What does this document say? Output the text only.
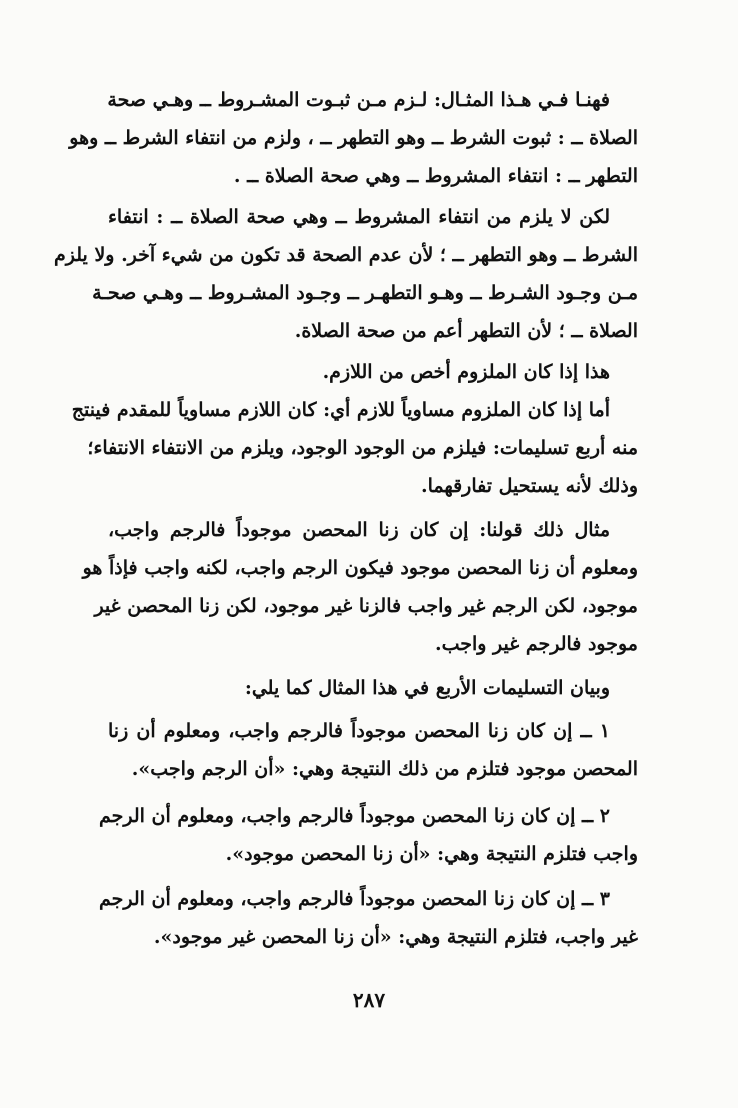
فهنـا فـي هـذا المثـال: لـزم مـن ثبـوت المشـروط ــ وهـي صحة
الصلاة ــ : ثبوت الشرط ــ وهو التطهر ــ ، ولزم من انتفاء الشرط ــ وهو
التطهر ــ : انتفاء المشروط ــ وهي صحة الصلاة ــ .
لكن لا يلزم من انتفاء المشروط ــ وهي صحة الصلاة ــ : انتفاء
الشرط ــ وهو التطهر ــ ؛ لأن عدم الصحة قد تكون من شيء آخر. ولا يلزم
مـن وجـود الشـرط ــ وهـو التطهـر ــ وجـود المشـروط ــ وهـي صحـة
الصلاة ــ ؛ لأن التطهر أعم من صحة الصلاة.
هذا إذا كان الملزوم أخص من اللازم.
أما إذا كان الملزوم مساوياً للازم أي: كان اللازم مساوياً للمقدم فينتج
منه أربع تسليمات: فيلزم من الوجود الوجود، ويلزم من الانتفاء الانتفاء؛
وذلك لأنه يستحيل تفارقهما.
مثال ذلك قولنا: إن كان زنا المحصن موجوداً فالرجم واجب،
ومعلوم أن زنا المحصن موجود فيكون الرجم واجب، لكنه واجب فإذاً هو
موجود، لكن الرجم غير واجب فالزنا غير موجود، لكن زنا المحصن غير
موجود فالرجم غير واجب.
وبيان التسليمات الأربع في هذا المثال كما يلي:
١ ــ إن كان زنا المحصن موجوداً فالرجم واجب، ومعلوم أن زنا
المحصن موجود فتلزم من ذلك النتيجة وهي: «أن الرجم واجب».
٢ ــ إن كان زنا المحصن موجوداً فالرجم واجب، ومعلوم أن الرجم
واجب فتلزم النتيجة وهي: «أن زنا المحصن موجود».
٣ ــ إن كان زنا المحصن موجوداً فالرجم واجب، ومعلوم أن الرجم
غير واجب، فتلزم النتيجة وهي: «أن زنا المحصن غير موجود».
٢٨٧
